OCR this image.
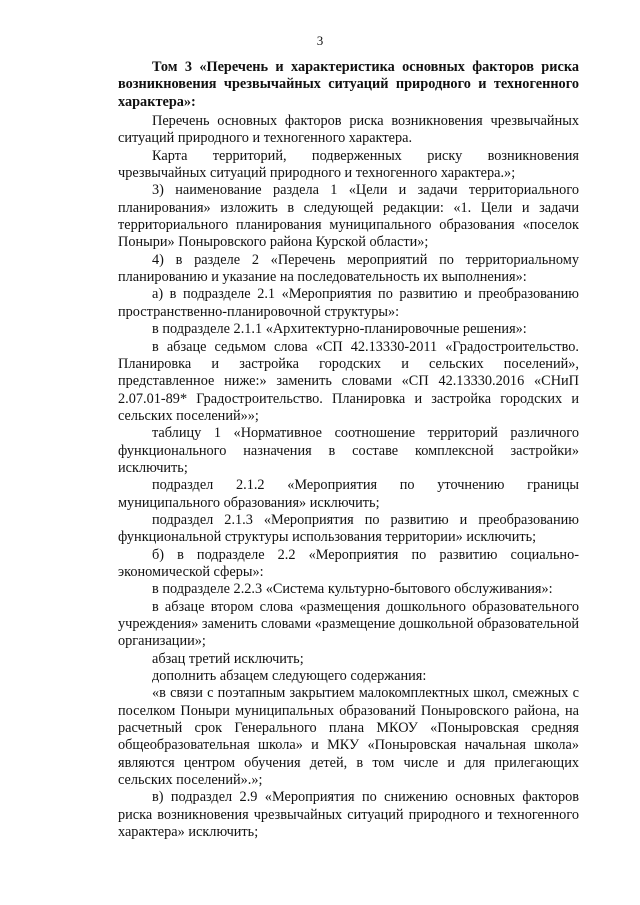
3

Том 3 «Перечень и характеристика основных факторов риска возникновения чрезвычайных ситуаций природного и техногенного характера»:

Перечень основных факторов риска возникновения чрезвычайных ситуаций природного и техногенного характера.

Карта территорий, подверженных риску возникновения чрезвычайных ситуаций природного и техногенного характера.»;

3) наименование раздела 1 «Цели и задачи территориального планирования» изложить в следующей редакции: «1. Цели и задачи территориального планирования муниципального образования «поселок Поныри» Поныровского района Курской области»;

4) в разделе 2 «Перечень мероприятий по территориальному планированию и указание на последовательность их выполнения»:

а) в подразделе 2.1 «Мероприятия по развитию и преобразованию пространственно-планировочной структуры»:

в подразделе 2.1.1 «Архитектурно-планировочные решения»:

в абзаце седьмом слова «СП 42.13330-2011 «Градостроительство. Планировка и застройка городских и сельских поселений», представленное ниже:» заменить словами «СП 42.13330.2016 «СНиП 2.07.01-89* Градостроительство. Планировка и застройка городских и сельских поселений»»;

таблицу 1 «Нормативное соотношение территорий различного функционального назначения в составе комплексной застройки» исключить;

подраздел 2.1.2 «Мероприятия по уточнению границы муниципального образования» исключить;

подраздел 2.1.3 «Мероприятия по развитию и преобразованию функциональной структуры использования территории» исключить;

б) в подразделе 2.2 «Мероприятия по развитию социально-экономической сферы»:

в подразделе 2.2.3 «Система культурно-бытового обслуживания»:

в абзаце втором слова «размещения дошкольного образовательного учреждения» заменить словами «размещение дошкольной образовательной организации»;

абзац третий исключить;

дополнить абзацем следующего содержания:

«в связи с поэтапным закрытием малокомплектных школ, смежных с поселком Поныри муниципальных образований Поныровского района, на расчетный срок Генерального плана МКОУ «Поныровская средняя общеобразовательная школа» и МКУ «Поныровская начальная школа» являются центром обучения детей, в том числе и для прилегающих сельских поселений».»;

в) подраздел 2.9 «Мероприятия по снижению основных факторов риска возникновения чрезвычайных ситуаций природного и техногенного характера» исключить;
